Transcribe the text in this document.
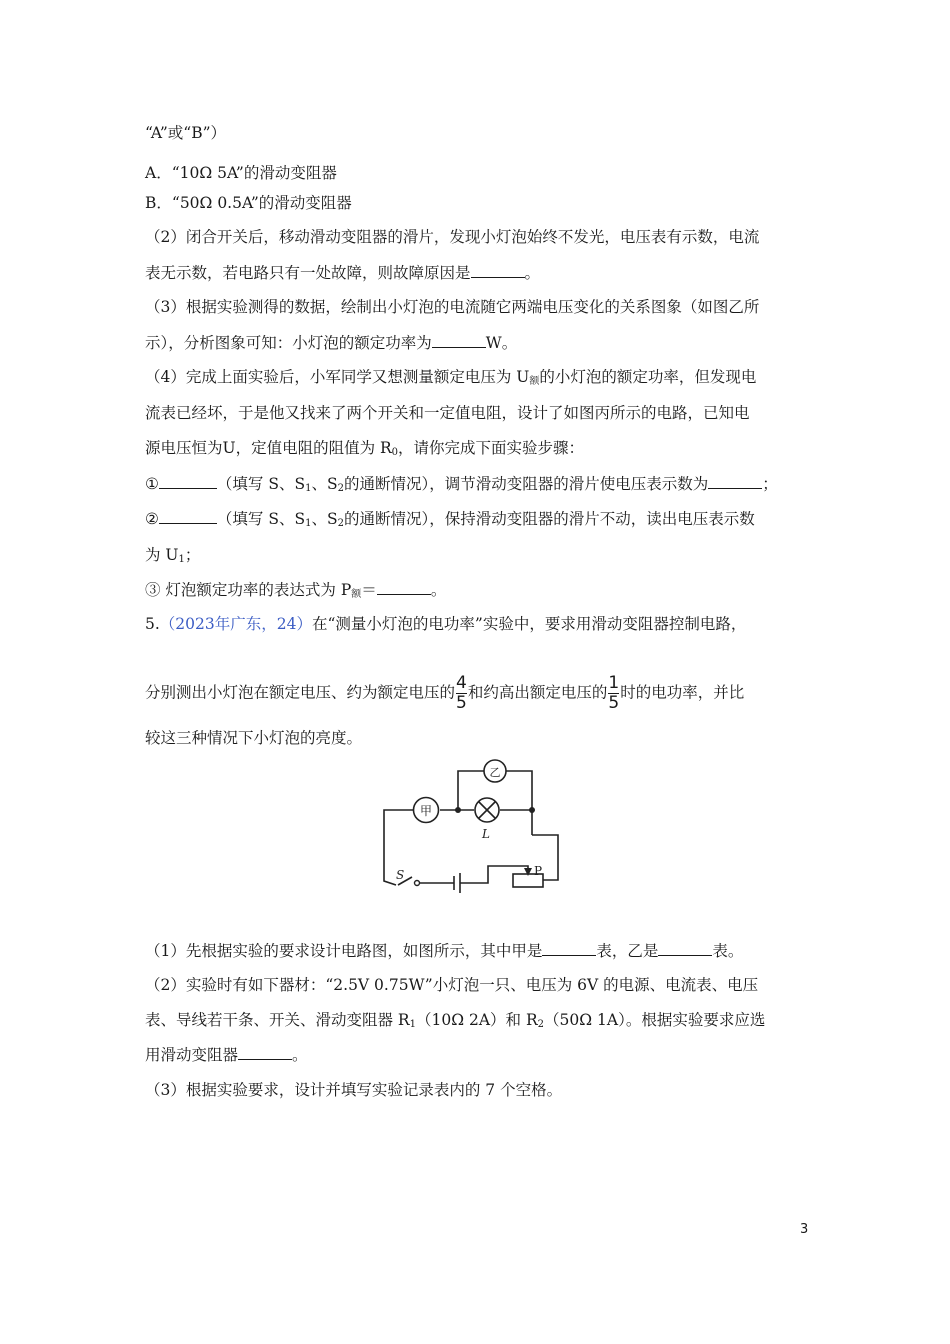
“A”或“B”）
A．“10Ω 5A”的滑动变阻器
B．“50Ω 0.5A”的滑动变阻器
（2）闭合开关后，移动滑动变阻器的滑片，发现小灯泡始终不发光，电压表有示数，电流
表无示数，若电路只有一处故障，则故障原因是	。
（3）根据实验测得的数据，绘制出小灯泡的电流随它两端电压变化的关系图象（如图乙所
示），分析图象可知：小灯泡的额定功率为	W。
（4）完成上面实验后，小军同学又想测量额定电压为 $U_额$的小灯泡的额定功率，但发现电
流表已经坏，于是他又找来了两个开关和一定值电阻，设计了如图丙所示的电路，已知电
源电压恒为U，定值电阻的阻值为 $R_0$，请你完成下面实验步骤：
①	（填写 S、$S_1$、$S_2$的通断情况），调节滑动变阻器的滑片使电压表示数为	；
②	（填写 S、$S_1$、$S_2$的通断情况），保持滑动变阻器的滑片不动，读出电压表示数
为 $U_1$；
③ 灯泡额定功率的表达式为 $P_额=$	。
5.（2023年广东，24）在“测量小灯泡的电功率”实验中，要求用滑动变阻器控制电路，
分别测出小灯泡在额定电压、约为额定电压的$\frac{4}{5}$ 和约高出额定电压的$\frac{1}{5}$ 时的电功率，并比
较这三种情况下小灯泡的亮度。
甲
乙
L
S	P
（1）先根据实验的要求设计电路图，如图所示，其中甲是	表，乙是	表。
（2）实验时有如下器材：“2.5V 0.75W”小灯泡一只、电压为 6V 的电源、电流表、电压
表、导线若干条、开关、滑动变阻器 $R_1(10\Omega$ 2A）和 $R_2(50\Omega$ 1A）。根据实验要求应选
用滑动变阻器	。
（3）根据实验要求，设计并填写实验记录表内的 7 个空格。
3
